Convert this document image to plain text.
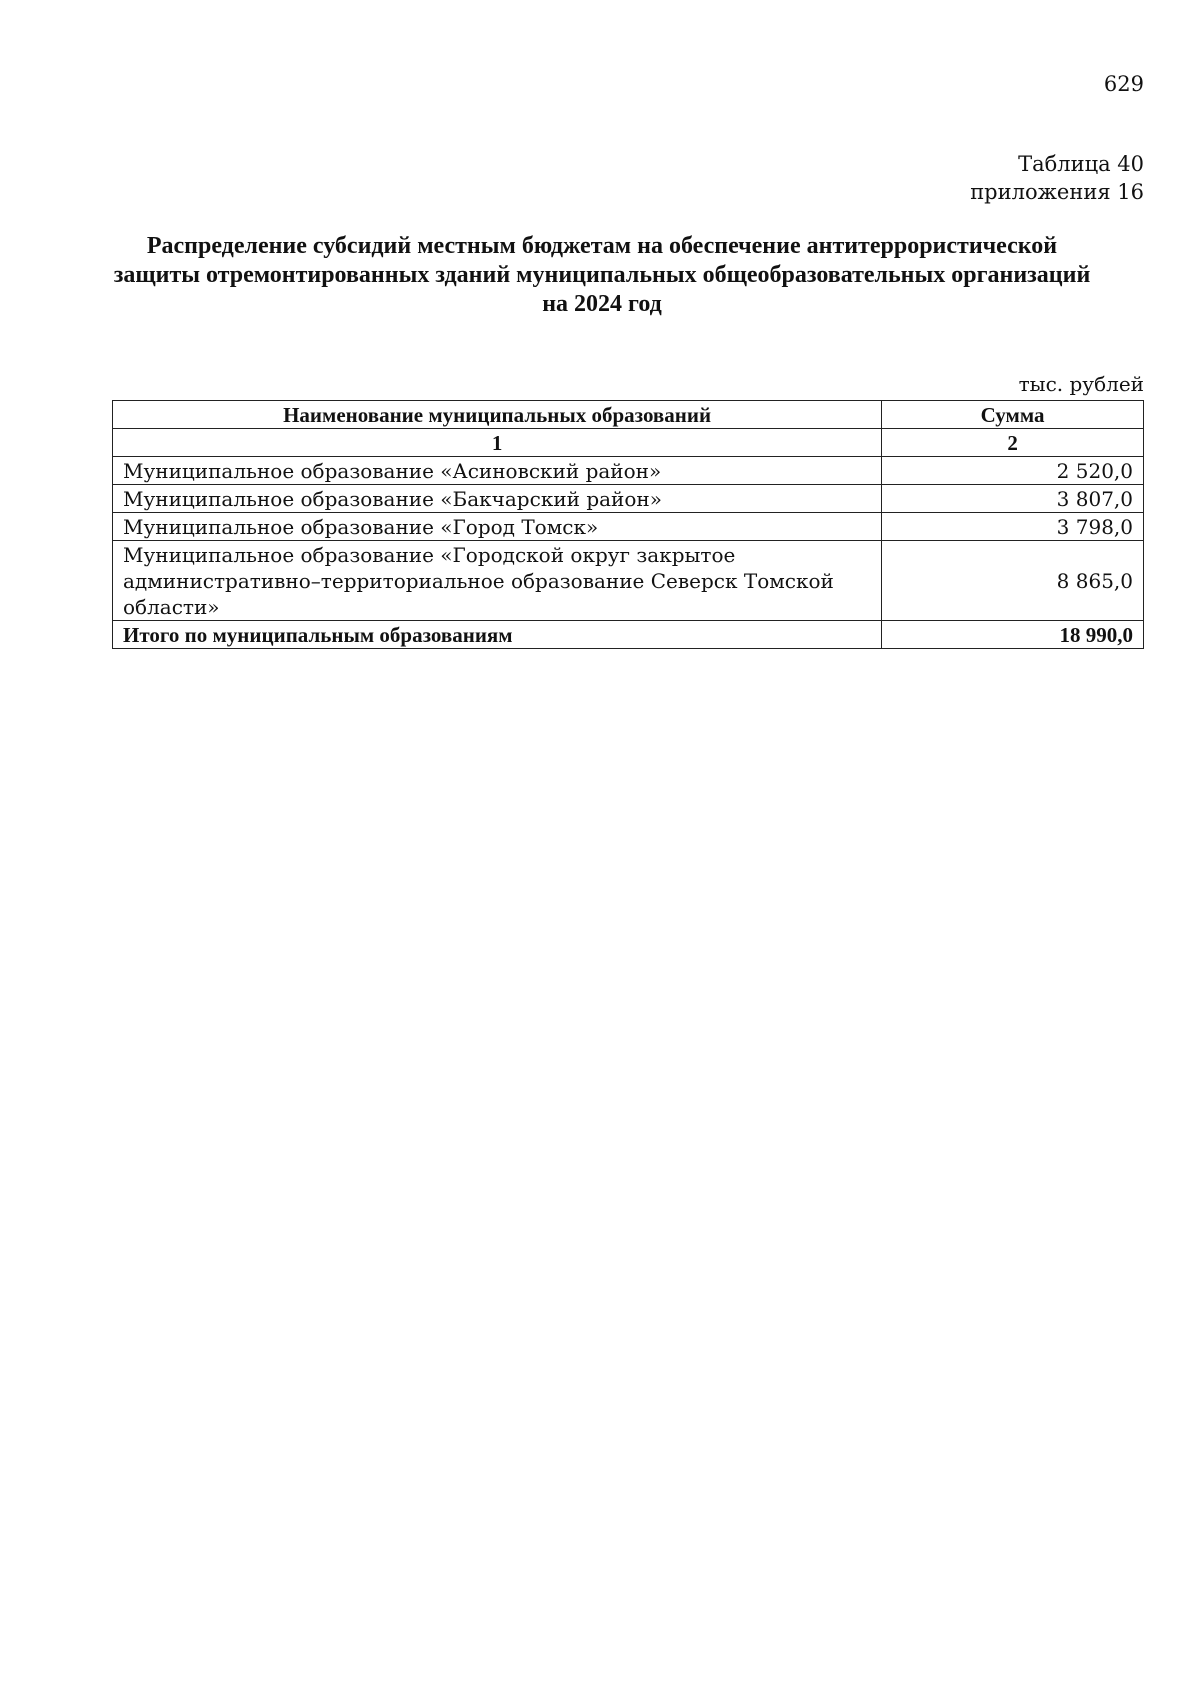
629
Таблица 40
приложения 16
Распределение субсидий местным бюджетам на обеспечение антитеррористической защиты отремонтированных зданий муниципальных общеобразовательных организаций на 2024 год
тыс. рублей
Наименование муниципальных образований	Сумма
1	2
Муниципальное образование «Асиновский район»	2 520,0
Муниципальное образование «Бакчарский район»	3 807,0
Муниципальное образование «Город Томск»	3 798,0
Муниципальное образование «Городской округ закрытое административно–территориальное образование Северск Томской области»	8 865,0
Итого по муниципальным образованиям	18 990,0
